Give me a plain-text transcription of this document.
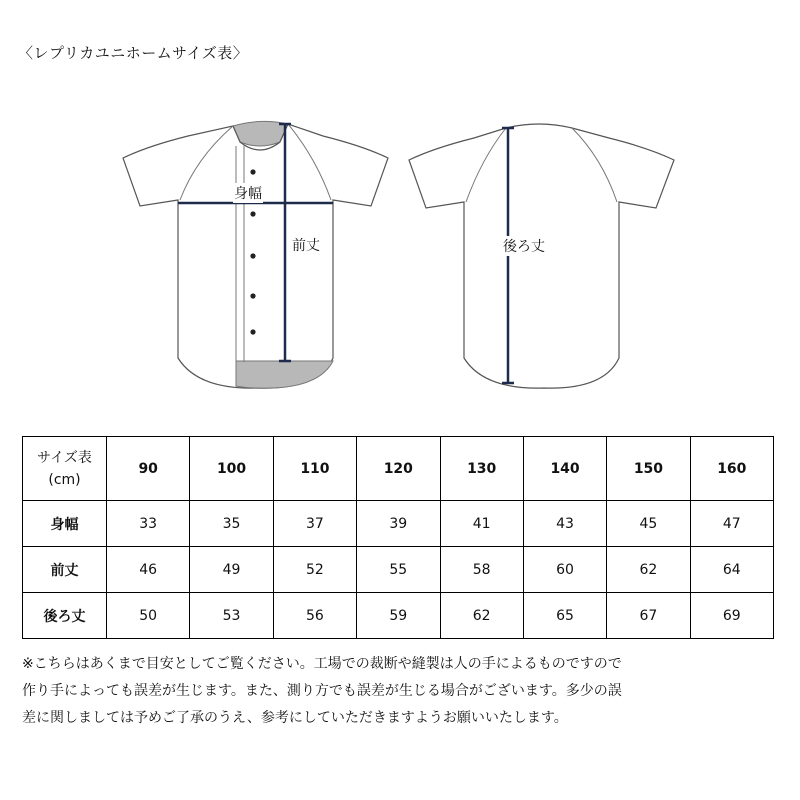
〈レプリカユニホームサイズ表〉
身幅
前丈	後ろ丈
サイズ表
(cm)	90	100	110	120	130	140	150	160
身幅	33	35	37	39	41	43	45	47
前丈	46	49	52	55	58	60	62	64
後ろ丈	50	53	56	59	62	65	67	69
※こちらはあくまで目安としてご覧ください。工場での裁断や縫製は人の手によるものですので
作り手によっても誤差が生じます。また、測り方でも誤差が生じる場合がございます。多少の誤
差に関しましては予めご了承のうえ、参考にしていただきますようお願いいたします。
